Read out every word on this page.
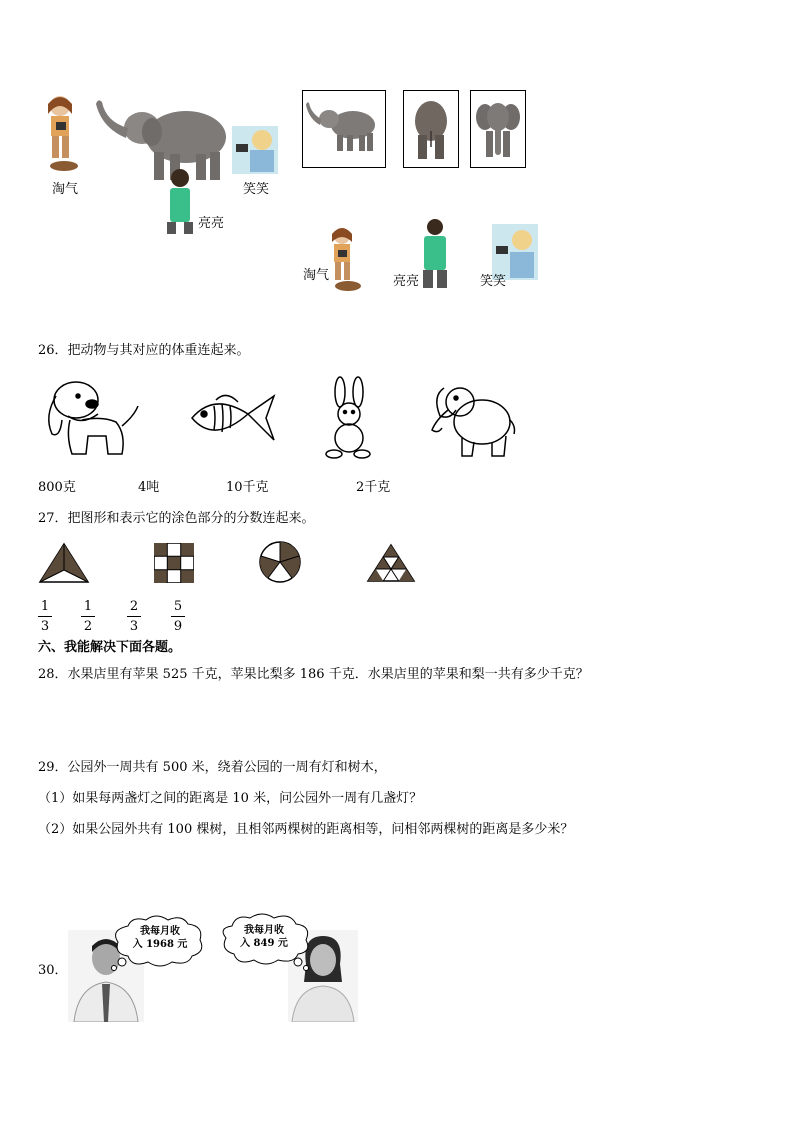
淘气
亮亮
笑笑
淘气	亮亮	笑笑
26．把动物与其对应的体重连起来。
800克	4吨	10千克	2千克
27．把图形和表示它的涂色部分的分数连起来。
1
3
1
2
2
3
5
9
六、我能解决下面各题。
28．水果店里有苹果 525 千克，苹果比梨多 186 千克．水果店里的苹果和梨一共有多少千克？
29．公园外一周共有 500 米，绕着公园的一周有灯和树木，
（1）如果每两盏灯之间的距离是 10 米，问公园外一周有几盏灯？
（2）如果公园外共有 100 棵树，且相邻两棵树的距离相等，问相邻两棵树的距离是多少米？
30．
我每月收
入 1968 元
我每月收
入 849 元
